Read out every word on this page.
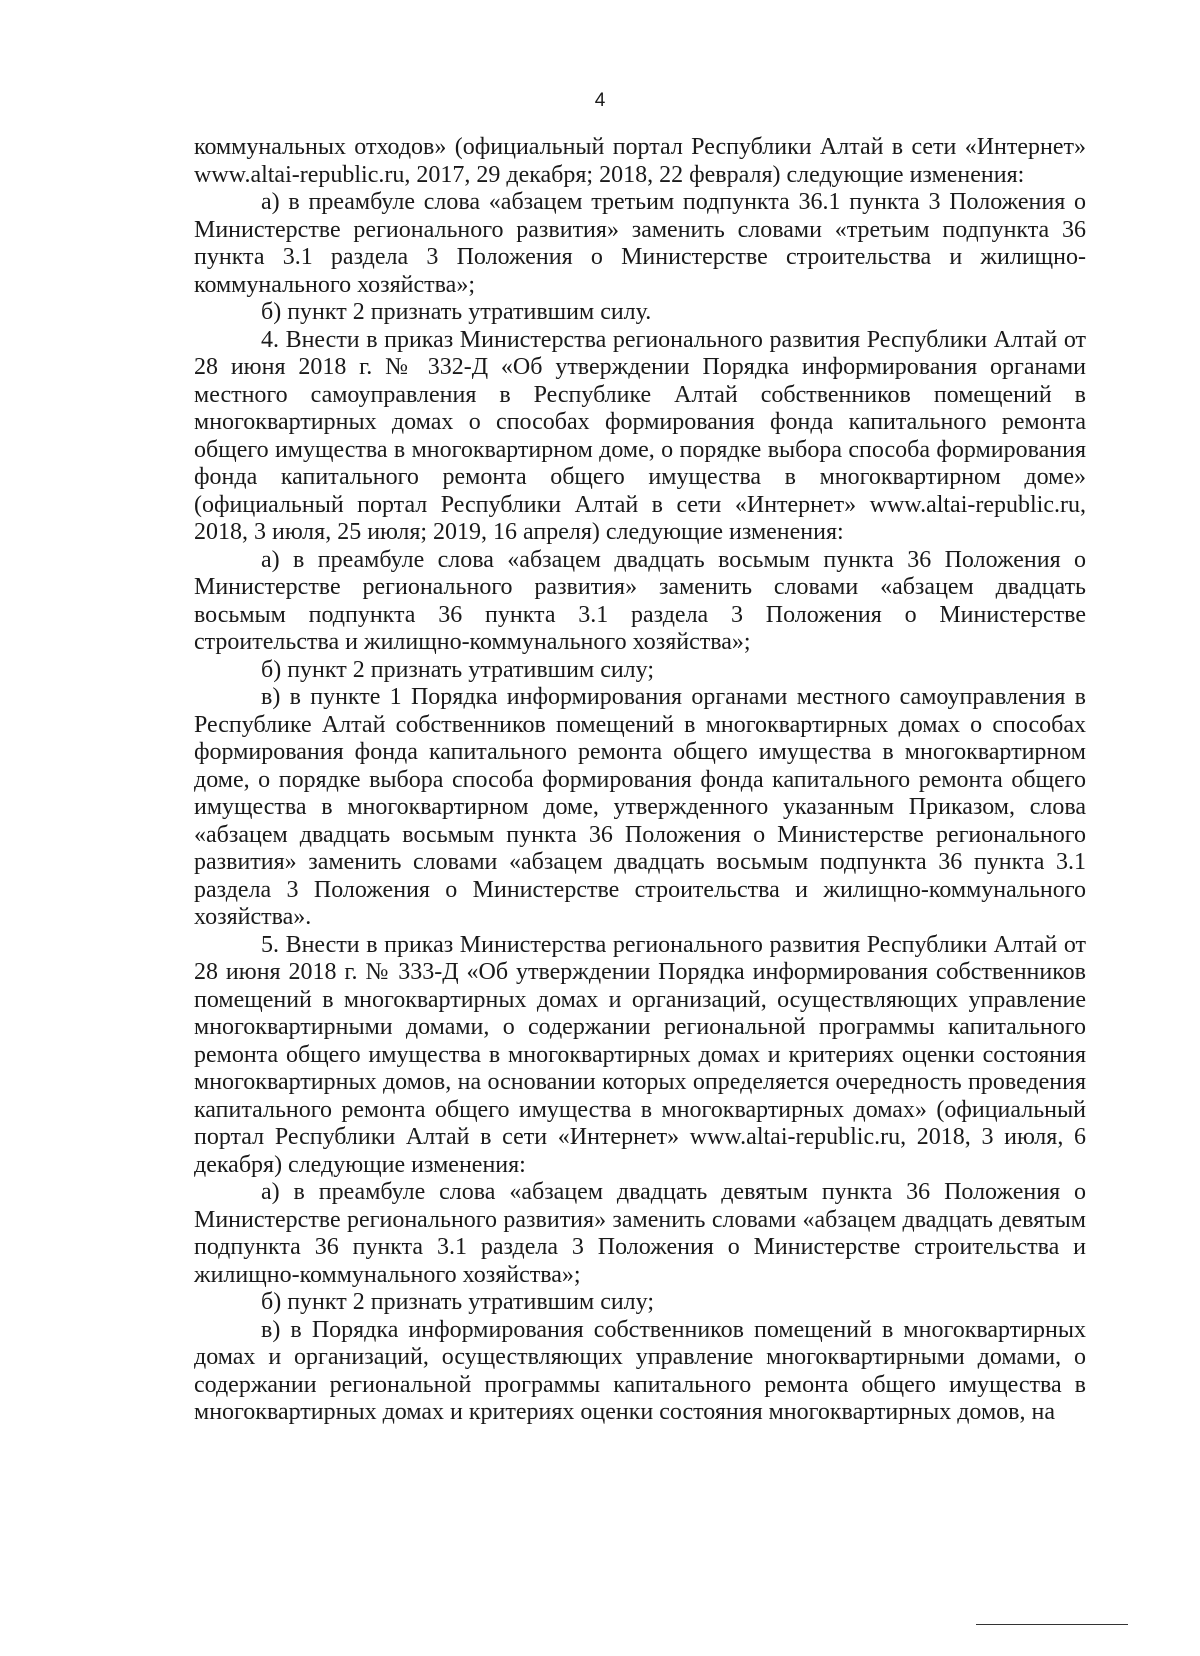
4

коммунальных отходов» (официальный портал Республики Алтай в сети «Интернет» www.altai-republic.ru, 2017, 29 декабря; 2018, 22 февраля) следующие изменения:

а) в преамбуле слова «абзацем третьим подпункта 36.1 пункта 3 Положения о Министерстве регионального развития» заменить словами «третьим подпункта 36 пункта 3.1 раздела 3 Положения о Министерстве строительства и жилищно-коммунального хозяйства»;

б) пункт 2 признать утратившим силу.

4. Внести в приказ Министерства регионального развития Республики Алтай от 28 июня 2018 г. № 332-Д «Об утверждении Порядка информирования органами местного самоуправления в Республике Алтай собственников помещений в многоквартирных домах о способах формирования фонда капитального ремонта общего имущества в многоквартирном доме, о порядке выбора способа формирования фонда капитального ремонта общего имущества в многоквартирном доме» (официальный портал Республики Алтай в сети «Интернет» www.altai-republic.ru, 2018, 3 июля, 25 июля; 2019, 16 апреля) следующие изменения:

а) в преамбуле слова «абзацем двадцать восьмым пункта 36 Положения о Министерстве регионального развития» заменить словами «абзацем двадцать восьмым подпункта 36 пункта 3.1 раздела 3 Положения о Министерстве строительства и жилищно-коммунального хозяйства»;

б) пункт 2 признать утратившим силу;

в) в пункте 1 Порядка информирования органами местного самоуправления в Республике Алтай собственников помещений в многоквартирных домах о способах формирования фонда капитального ремонта общего имущества в многоквартирном доме, о порядке выбора способа формирования фонда капитального ремонта общего имущества в многоквартирном доме, утвержденного указанным Приказом, слова «абзацем двадцать восьмым пункта 36 Положения о Министерстве регионального развития» заменить словами «абзацем двадцать восьмым подпункта 36 пункта 3.1 раздела 3 Положения о Министерстве строительства и жилищно-коммунального хозяйства».

5. Внести в приказ Министерства регионального развития Республики Алтай от 28 июня 2018 г. № 333-Д «Об утверждении Порядка информирования собственников помещений в многоквартирных домах и организаций, осуществляющих управление многоквартирными домами, о содержании региональной программы капитального ремонта общего имущества в многоквартирных домах и критериях оценки состояния многоквартирных домов, на основании которых определяется очередность проведения капитального ремонта общего имущества в многоквартирных домах» (официальный портал Республики Алтай в сети «Интернет» www.altai-republic.ru, 2018, 3 июля, 6 декабря) следующие изменения:

а) в преамбуле слова «абзацем двадцать девятым пункта 36 Положения о Министерстве регионального развития» заменить словами «абзацем двадцать девятым подпункта 36 пункта 3.1 раздела 3 Положения о Министерстве строительства и жилищно-коммунального хозяйства»;

б) пункт 2 признать утратившим силу;

в) в Порядка информирования собственников помещений в многоквартирных домах и организаций, осуществляющих управление многоквартирными домами, о содержании региональной программы капитального ремонта общего имущества в многоквартирных домах и критериях оценки состояния многоквартирных домов, на
